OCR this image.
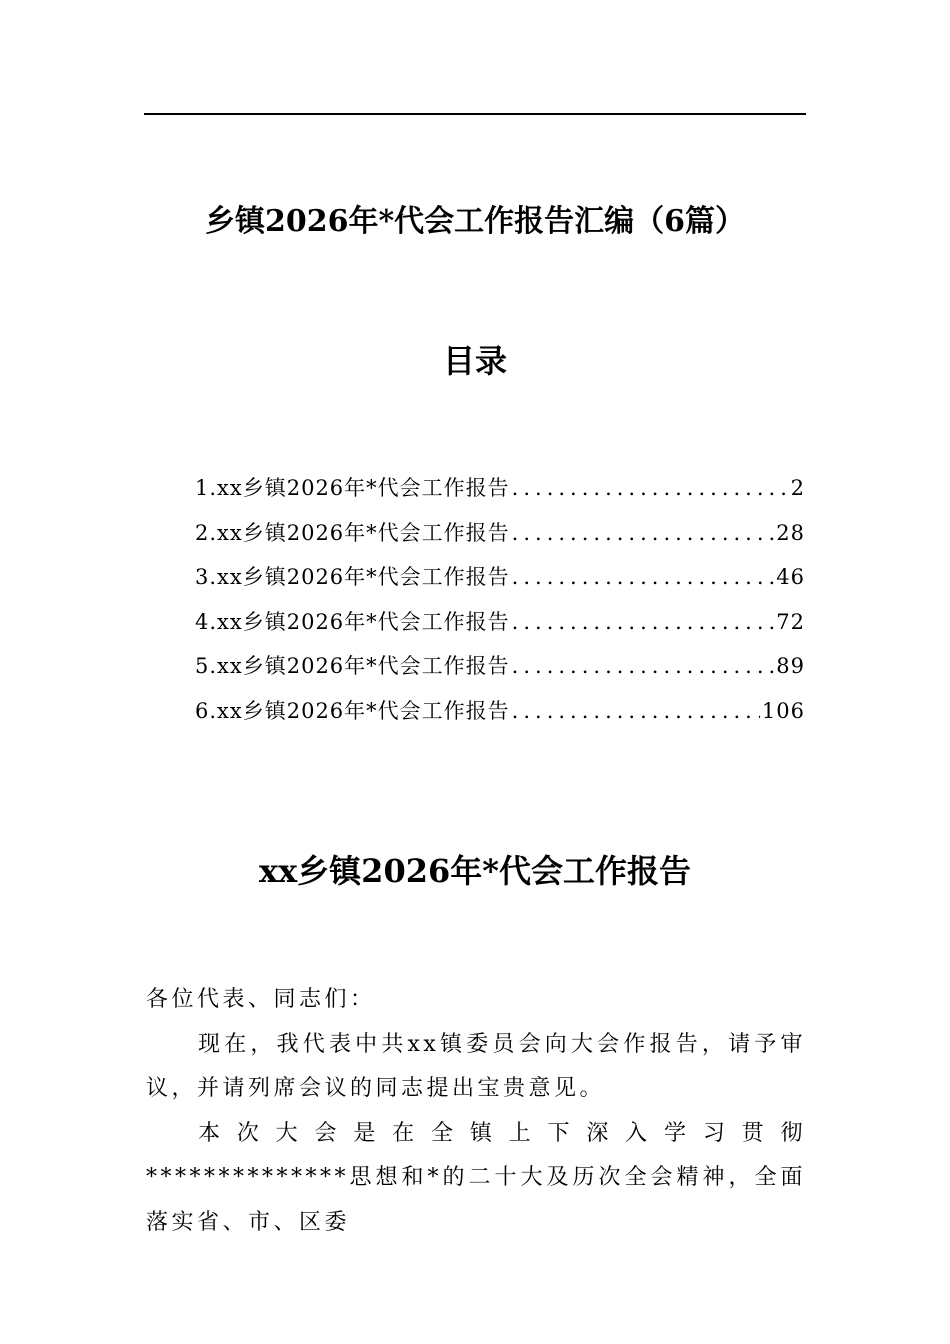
乡镇2026年*代会工作报告汇编（6篇）
目录
1.xx乡镇2026年*代会工作报告 .....	2
2.xx乡镇2026年*代会工作报告 .....	28
3.xx乡镇2026年*代会工作报告 .....	46
4.xx乡镇2026年*代会工作报告 .....	72
5.xx乡镇2026年*代会工作报告 .....	89
6.xx乡镇2026年*代会工作报告 .....	106
xx乡镇2026年*代会工作报告

各位代表、同志们：

现在，我代表中共xx镇委员会向大会作报告，请予审议，并请列席会议的同志提出宝贵意见。

本次大会是在全镇上下深入学习贯彻**************思想和*的二十大及历次全会精神，全面落实省、市、区委
